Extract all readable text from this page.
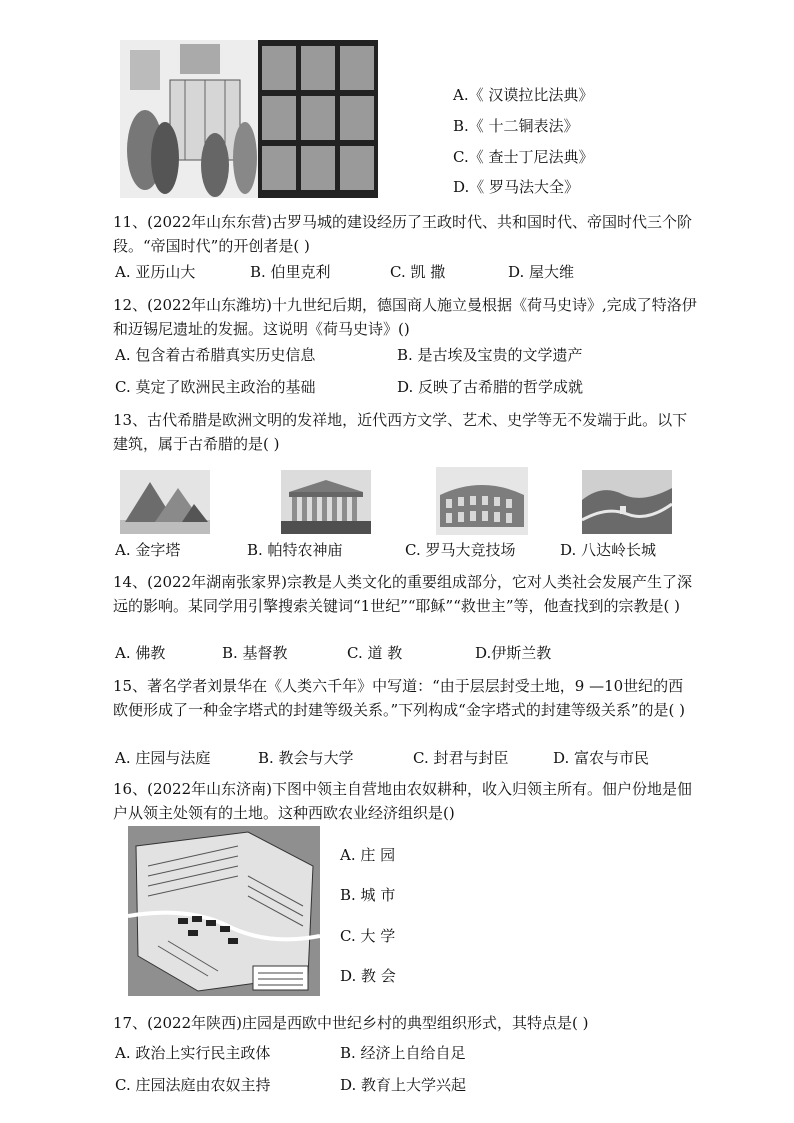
A.《 汉谟拉比法典》
B.《 十二铜表法》
C.《 查士丁尼法典》
D.《 罗马法大全》
11、(2022年山东东营)古罗马城的建设经历了王政时代、共和国时代、帝国时代三个阶段。“帝国时代”的开创者是( )
A. 亚历山大	B. 伯里克利	C. 凯 撒	D. 屋大维
12、(2022年山东潍坊)十九世纪后期，德国商人施立曼根据《荷马史诗》,完成了特洛伊和迈锡尼遗址的发掘。这说明《荷马史诗》()
A. 包含着古希腊真实历史信息	B. 是古埃及宝贵的文学遗产
C. 莫定了欧洲民主政治的基础	D. 反映了古希腊的哲学成就
13、古代希腊是欧洲文明的发祥地，近代西方文学、艺术、史学等无不发端于此。以下建筑，属于古希腊的是( )
A. 金字塔	B. 帕特农神庙	C. 罗马大竞技场	D. 八达岭长城
14、(2022年湖南张家界)宗教是人类文化的重要组成部分，它对人类社会发展产生了深远的影响。某同学用引擎搜索关键词“1世纪”“耶稣”“救世主”等，他查找到的宗教是( )
A. 佛教	B. 基督教	C. 道 教	D.伊斯兰教
15、著名学者刘景华在《人类六千年》中写道：“由于层层封受土地，9 —10世纪的西欧便形成了一种金字塔式的封建等级关系。”下列构成“金字塔式的封建等级关系”的是( )
A. 庄园与法庭	B. 教会与大学	C. 封君与封臣	D. 富农与市民
16、(2022年山东济南)下图中领主自营地由农奴耕种，收入归领主所有。佃户份地是佃户从领主处领有的土地。这种西欧农业经济组织是()
A. 庄 园
B. 城 市
C. 大 学
D. 教 会
17、(2022年陕西)庄园是西欧中世纪乡村的典型组织形式，其特点是( )
A. 政治上实行民主政体	B. 经济上自给自足
C. 庄园法庭由农奴主持	D. 教育上大学兴起
